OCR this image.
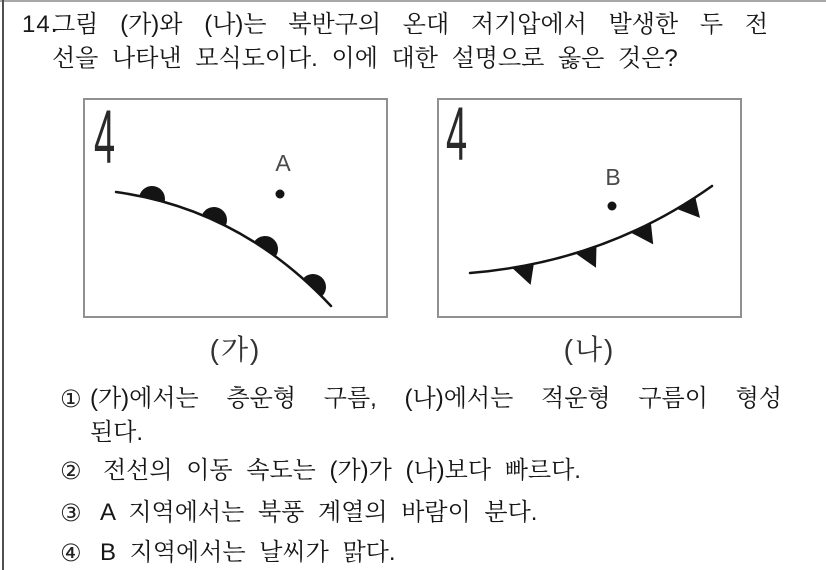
14.
그림 (가)와 (나)는 북반구의 온대 저기압에서 발생한 두 전
선을 나타낸 모식도이다. 이에 대한 설명으로 옳은 것은?
4	A
(가)
4
B
(나)
① (가)에서는 층운형 구름, (나)에서는 적운형 구름이 형성
된다.
② 전선의 이동 속도는 (가)가 (나)보다 빠르다.
③ A 지역에서는 북풍 계열의 바람이 분다.
④ B 지역에서는 날씨가 맑다.
